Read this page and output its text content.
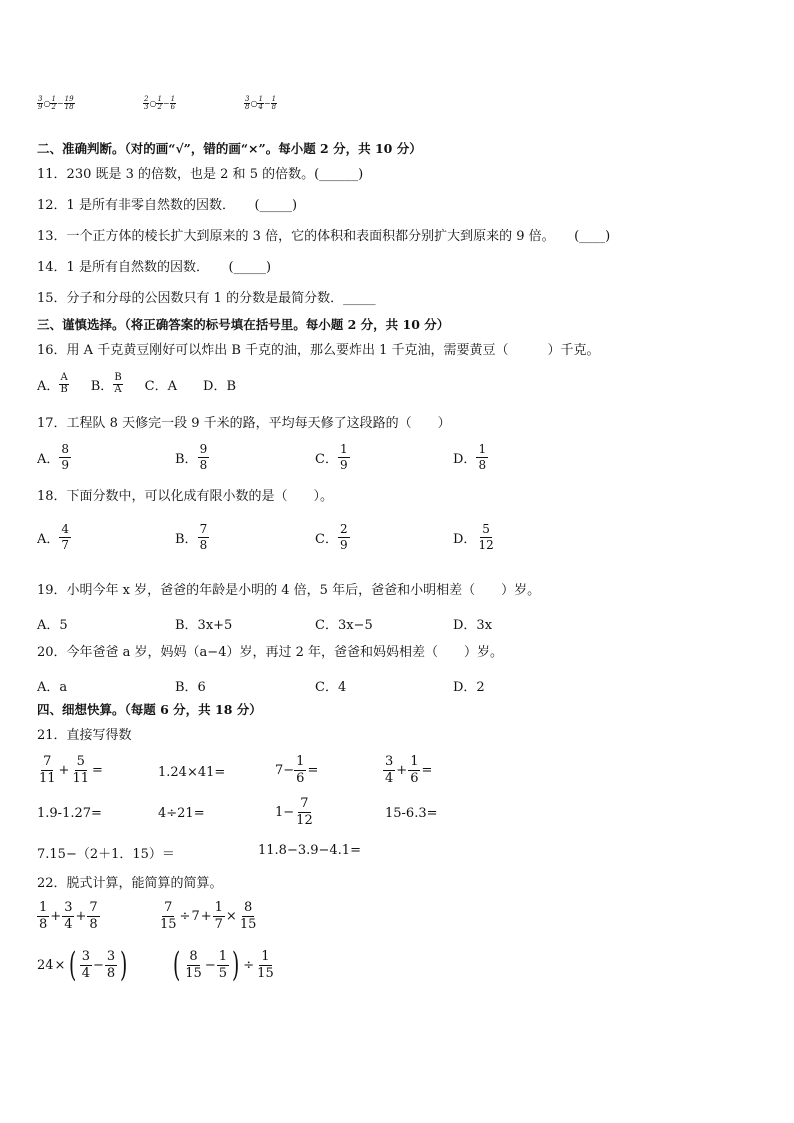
$\frac{3}{9}$ ○ $\frac{1}{2} - \frac{19}{18}$	$\frac{2}{3}$ ○ $\frac{1}{2} - \frac{1}{6}$	$\frac{3}{8}$ ○ $\frac{1}{4} - \frac{1}{8}$
二、准确判断。（对的画“√”，错的画“×”。每小题 2 分，共 10 分）
11．230 既是 3 的倍数，也是 2 和 5 的倍数。(______)
12．1 是所有非零自然数的因数．　　(_____)
13．一个正方体的棱长扩大到原来的 3 倍，它的体积和表面积都分别扩大到原来的 9 倍。　　(____)
14．1 是所有自然数的因数．　　(_____)
15．分子和分母的公因数只有 1 的分数是最简分数．_____
三、谨慎选择。（将正确答案的标号填在括号里。每小题 2 分，共 10 分）
16．用 A 千克黄豆刚好可以炸出 B 千克的油，那么要炸出 1 千克油，需要黄豆（　　　）千克。
A． $\frac{A}{B}$ B． $\frac{B}{A}$ C．A D．B
17．工程队 8 天修完一段 9 千米的路，平均每天修了这段路的（　　）
A． $\frac{8}{9}$	B． $\frac{9}{8}$	C． $\frac{1}{9}$	D． $\frac{1}{8}$
18．下面分数中，可以化成有限小数的是（　　）。
A． $\frac{4}{7}$	B． $\frac{7}{8}$	C． $\frac{2}{9}$	D． $\frac{5}{12}$
19．小明今年 x 岁，爸爸的年龄是小明的 4 倍，5 年后，爸爸和小明相差（　　）岁。
A．5	B．3x+5	C．3x−5	D．3x
20．今年爸爸 a 岁，妈妈（a−4）岁，再过 2 年，爸爸和妈妈相差（　　）岁。
A．a	B．6	C．4	D．2
四、细想快算。（每题 6 分，共 18 分）
21．直接写得数
$\frac{7}{11} + \frac{5}{11}$ =	1.24×41=	$7- \frac{1}{6}$ =	$\frac{3}{4} + \frac{1}{6}$ =
1.9-1.27=	4÷21=	$1- \frac{7}{12}$	15-6.3=
7.15−（2＋1．15）＝	11.8−3.9−4.1=
22．脱式计算，能简算的简算。
$\frac{1}{8} + \frac{3}{4} + \frac{7}{8}$	$\frac{7}{15} \div 7 + \frac{1}{7} \times \frac{8}{15}$
24 × ( $\frac{3}{4} - \frac{3}{8}$ ) ( $\frac{8}{15} - \frac{1}{5}$ ) ÷ $\frac{1}{15}$
